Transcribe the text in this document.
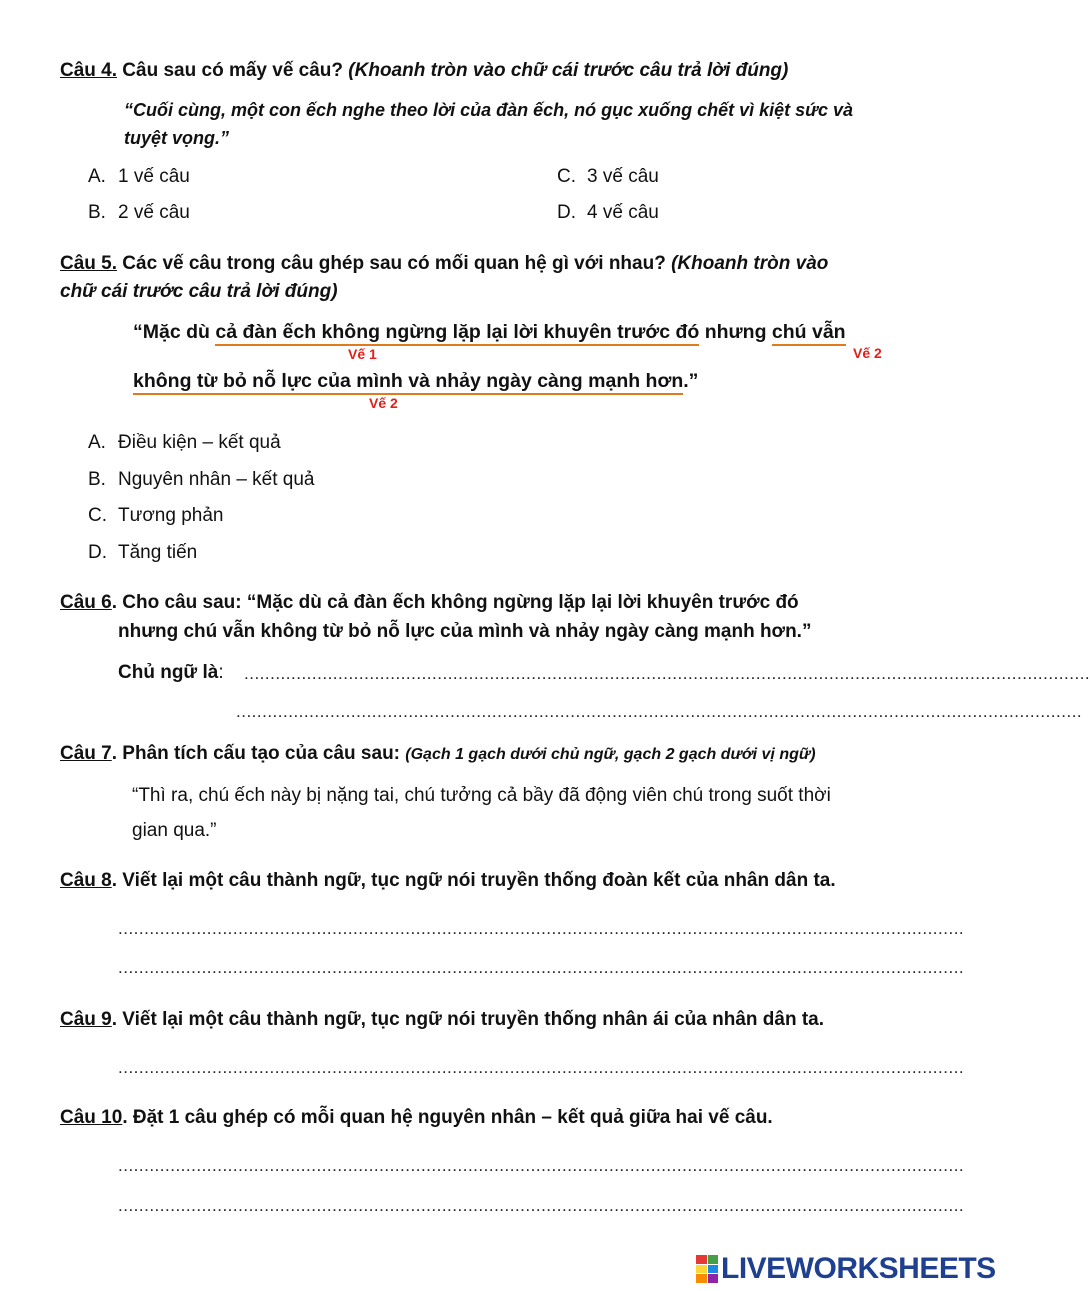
Câu 4. Câu sau có mấy vế câu? (Khoanh tròn vào chữ cái trước câu trả lời đúng)
“Cuối cùng, một con ếch nghe theo lời của đàn ếch, nó gục xuống chết vì kiệt sức và
tuyệt vọng.”
A. 1 vế câu
B. 2 vế câu
C. 3 vế câu
D. 4 vế câu
Câu 5. Các vế câu trong câu ghép sau có mối quan hệ gì với nhau? (Khoanh tròn vào
chữ cái trước câu trả lời đúng)
“Mặc dù cả đàn ếch không ngừng lặp lại lời khuyên trước đó nhưng chú vẫn
Vế 1	Vế 2
không từ bỏ nỗ lực của mình và nhảy ngày càng mạnh hơn.”
Vế 2
A. Điều kiện – kết quả
B. Nguyên nhân – kết quả
C. Tương phản
D. Tăng tiến
Câu 6. Cho câu sau: “Mặc dù cả đàn ếch không ngừng lặp lại lời khuyên trước đó
nhưng chú vẫn không từ bỏ nỗ lực của mình và nhảy ngày càng mạnh hơn.”
Chủ ngữ là: ..................................................................................................................................................................
..................................................................................................................................................................
Câu 7. Phân tích cấu tạo của câu sau: (Gạch 1 gạch dưới chủ ngữ, gạch 2 gạch dưới vị ngữ)
“Thì ra, chú ếch này bị nặng tai, chú tưởng cả bầy đã động viên chú trong suốt thời
gian qua.”
Câu 8. Viết lại một câu thành ngữ, tục ngữ nói truyền thống đoàn kết của nhân dân ta.
..................................................................................................................................................................
..................................................................................................................................................................
Câu 9. Viết lại một câu thành ngữ, tục ngữ nói truyền thống nhân ái của nhân dân ta.
..................................................................................................................................................................
Câu 10. Đặt 1 câu ghép có mỗi quan hệ nguyên nhân – kết quả giữa hai vế câu.
..................................................................................................................................................................
..................................................................................................................................................................
LIVEWORKSHEETS
